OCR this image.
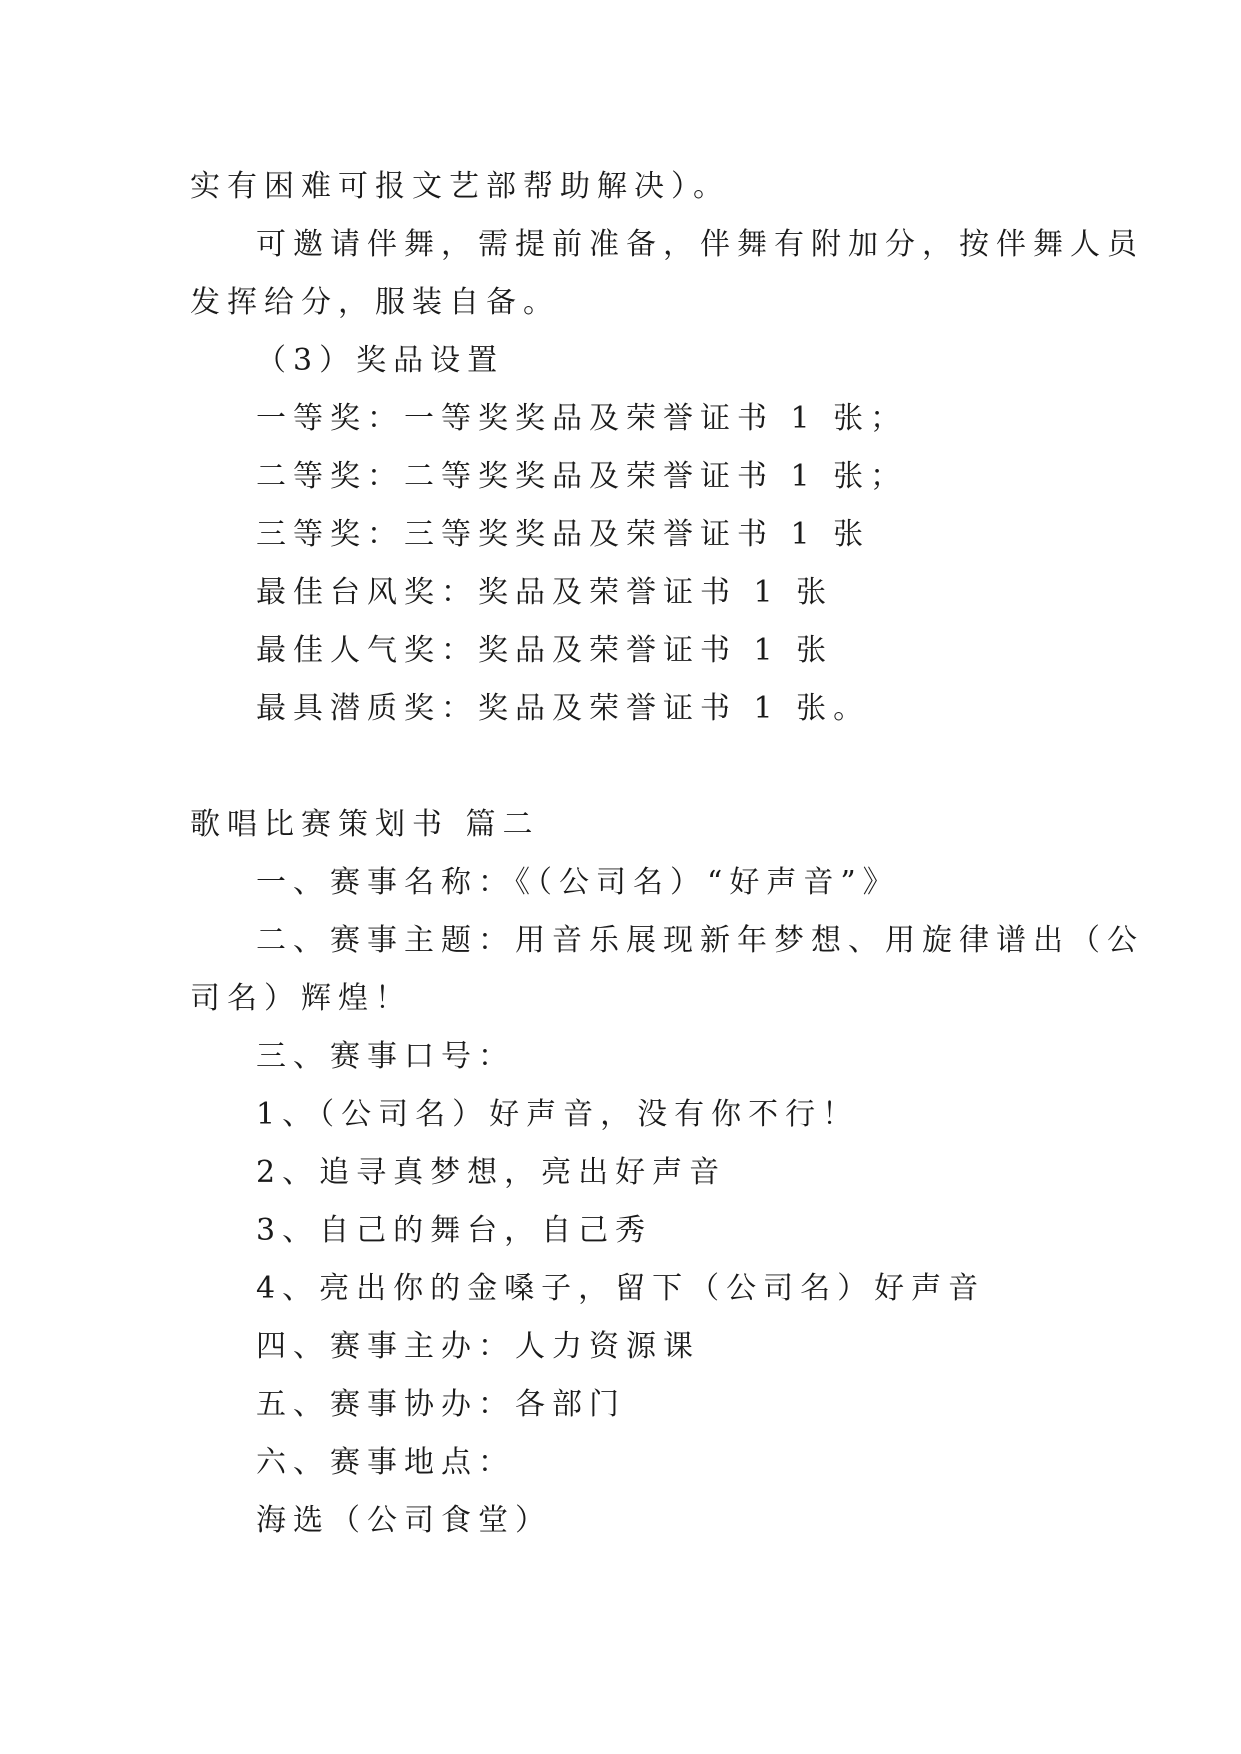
实有困难可报文艺部帮助解决）。
可邀请伴舞，需提前准备，伴舞有附加分，按伴舞人员
发挥给分，服装自备。
（3）奖品设置
一等奖：一等奖奖品及荣誉证书 1 张；
二等奖：二等奖奖品及荣誉证书 1 张；
三等奖：三等奖奖品及荣誉证书 1 张
最佳台风奖：奖品及荣誉证书 1 张
最佳人气奖：奖品及荣誉证书 1 张
最具潜质奖：奖品及荣誉证书 1 张。
歌唱比赛策划书 篇二
一、赛事名称：《（公司名）“好声音”》
二、赛事主题：用音乐展现新年梦想、用旋律谱出（公
司名）辉煌！
三、赛事口号：
1、（公司名）好声音，没有你不行！
2、追寻真梦想，亮出好声音
3、自己的舞台，自己秀
4、亮出你的金嗓子，留下（公司名）好声音
四、赛事主办：人力资源课
五、赛事协办：各部门
六、赛事地点：
海选（公司食堂）
